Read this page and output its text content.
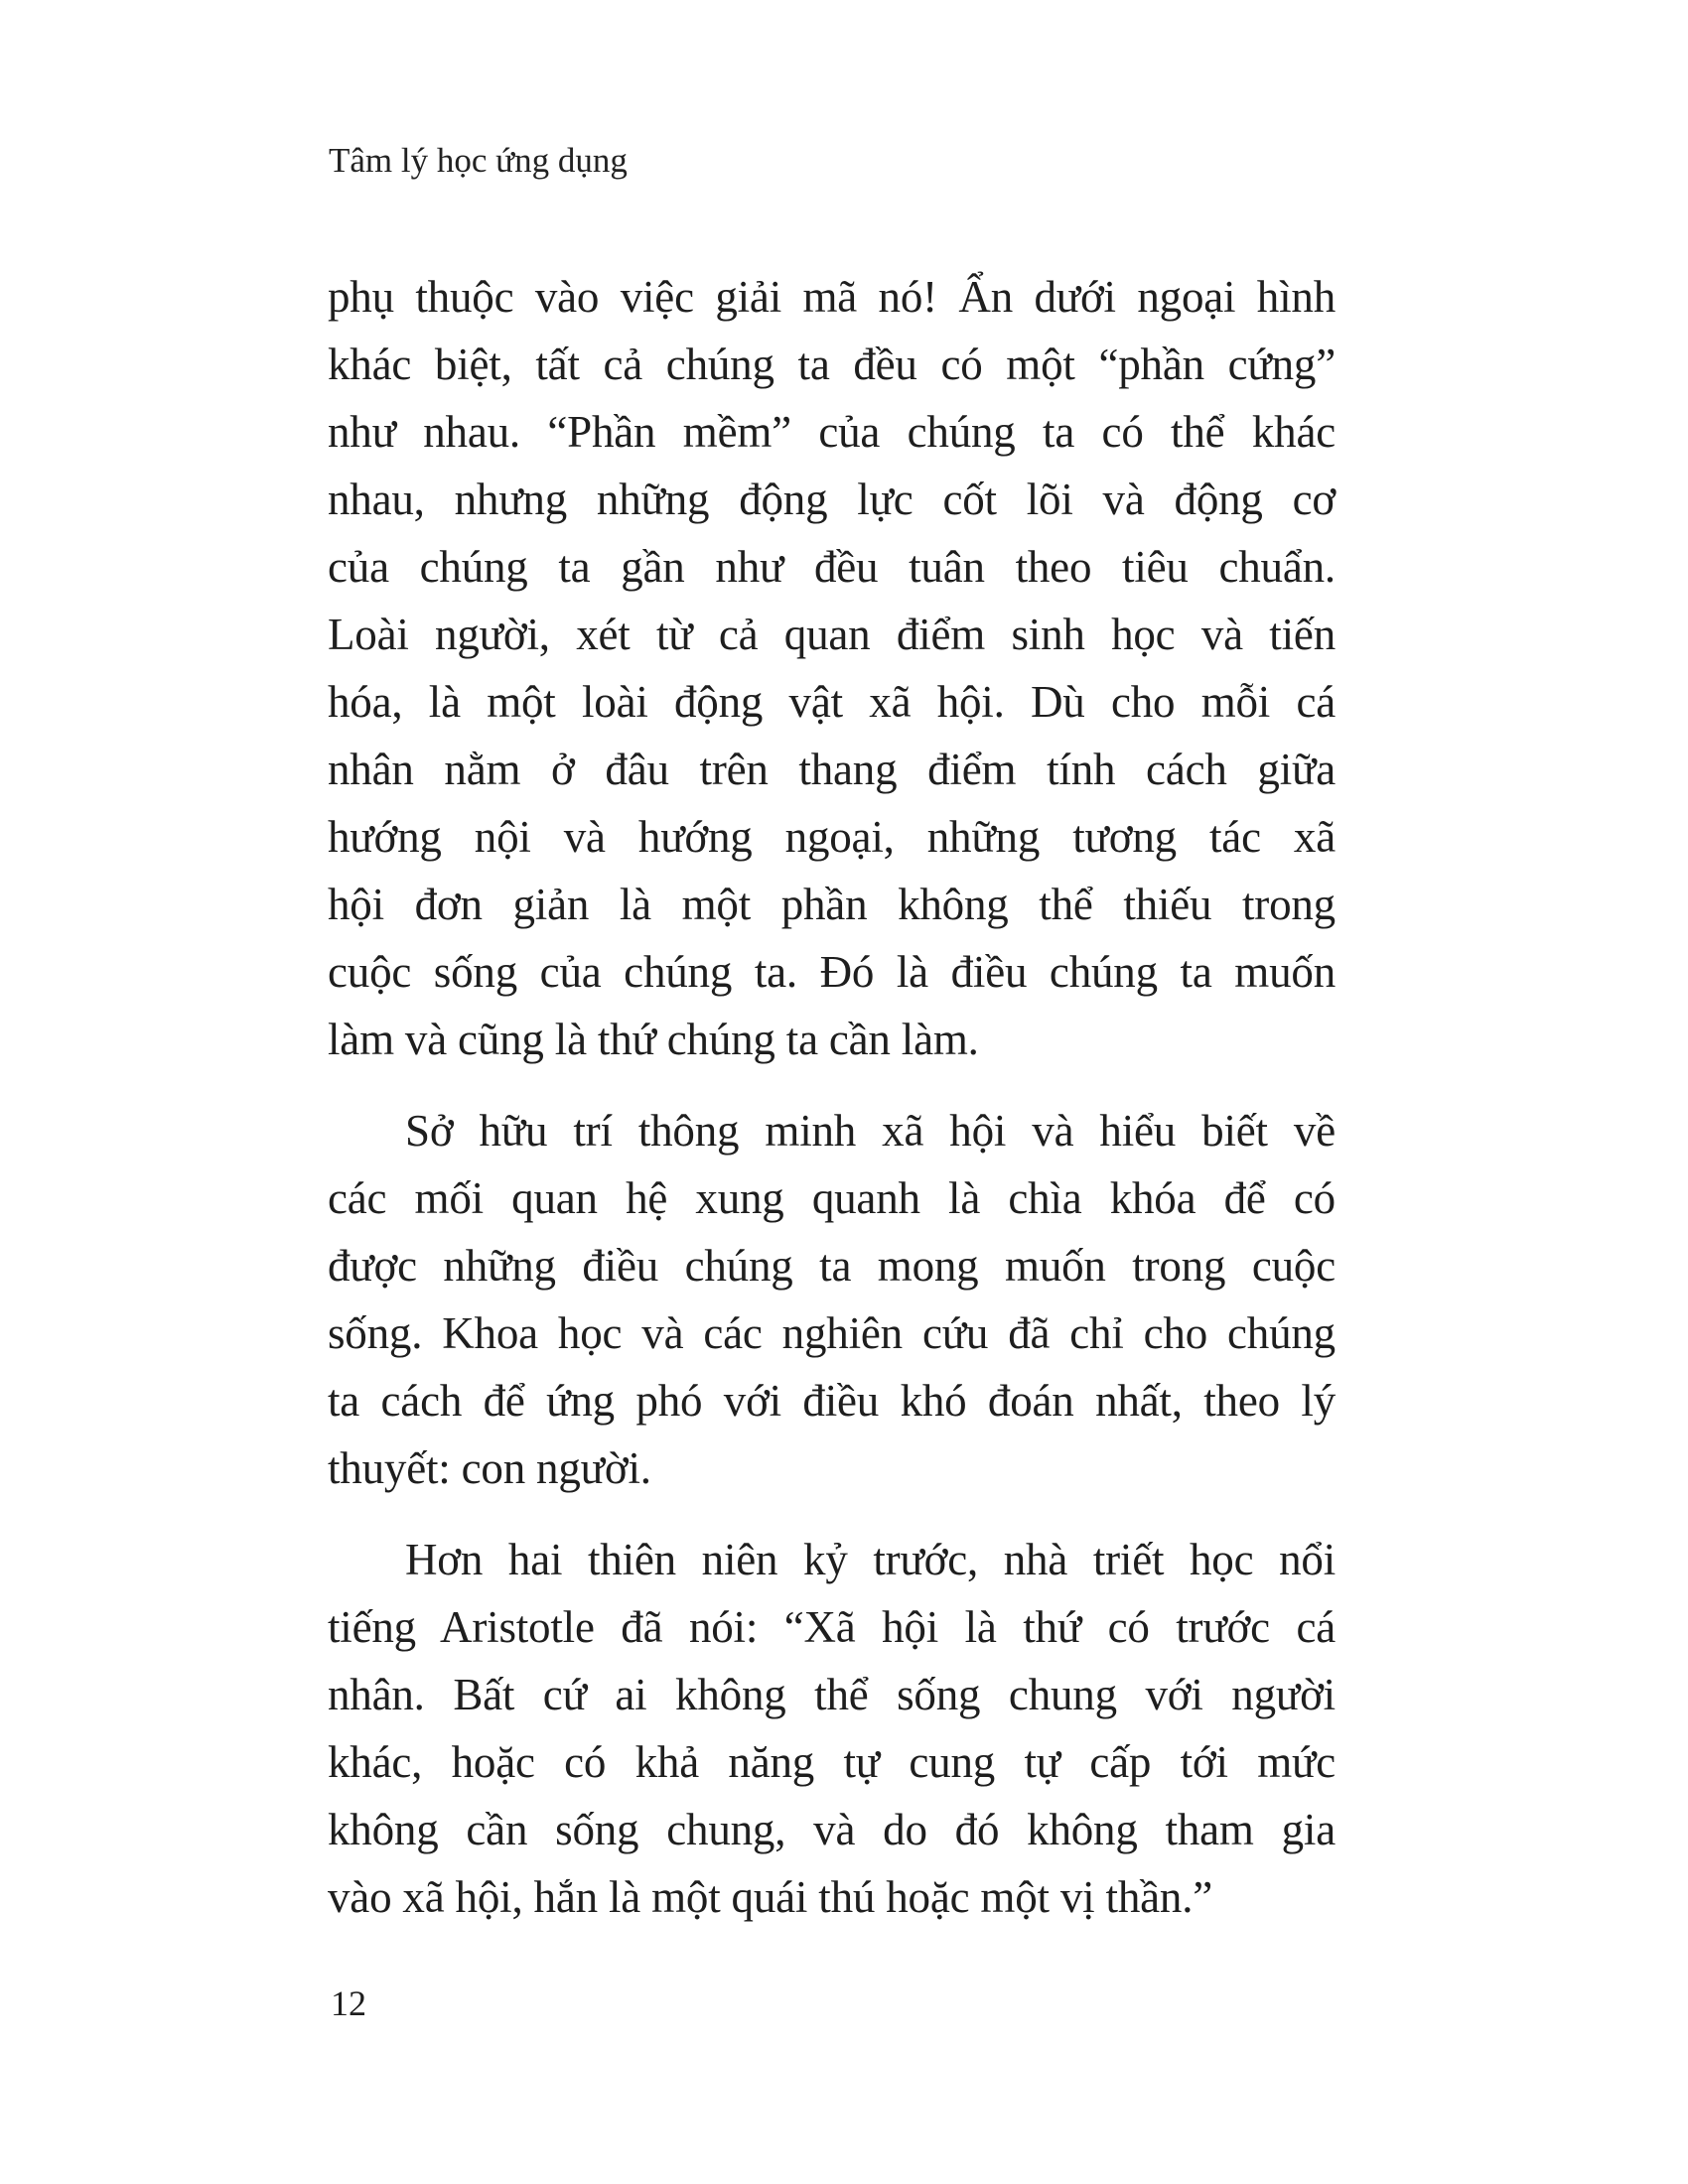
Tâm lý học ứng dụng
phụ thuộc vào việc giải mã nó! Ẩn dưới ngoại hình
khác biệt, tất cả chúng ta đều có một “phần cứng”
như nhau. “Phần mềm” của chúng ta có thể khác
nhau, nhưng những động lực cốt lõi và động cơ
của chúng ta gần như đều tuân theo tiêu chuẩn.
Loài người, xét từ cả quan điểm sinh học và tiến
hóa, là một loài động vật xã hội. Dù cho mỗi cá
nhân nằm ở đâu trên thang điểm tính cách giữa
hướng nội và hướng ngoại, những tương tác xã
hội đơn giản là một phần không thể thiếu trong
cuộc sống của chúng ta. Đó là điều chúng ta muốn
làm và cũng là thứ chúng ta cần làm.
Sở hữu trí thông minh xã hội và hiểu biết về
các mối quan hệ xung quanh là chìa khóa để có
được những điều chúng ta mong muốn trong cuộc
sống. Khoa học và các nghiên cứu đã chỉ cho chúng
ta cách để ứng phó với điều khó đoán nhất, theo lý
thuyết: con người.
Hơn hai thiên niên kỷ trước, nhà triết học nổi
tiếng Aristotle đã nói: “Xã hội là thứ có trước cá
nhân. Bất cứ ai không thể sống chung với người
khác, hoặc có khả năng tự cung tự cấp tới mức
không cần sống chung, và do đó không tham gia
vào xã hội, hắn là một quái thú hoặc một vị thần.”
12
